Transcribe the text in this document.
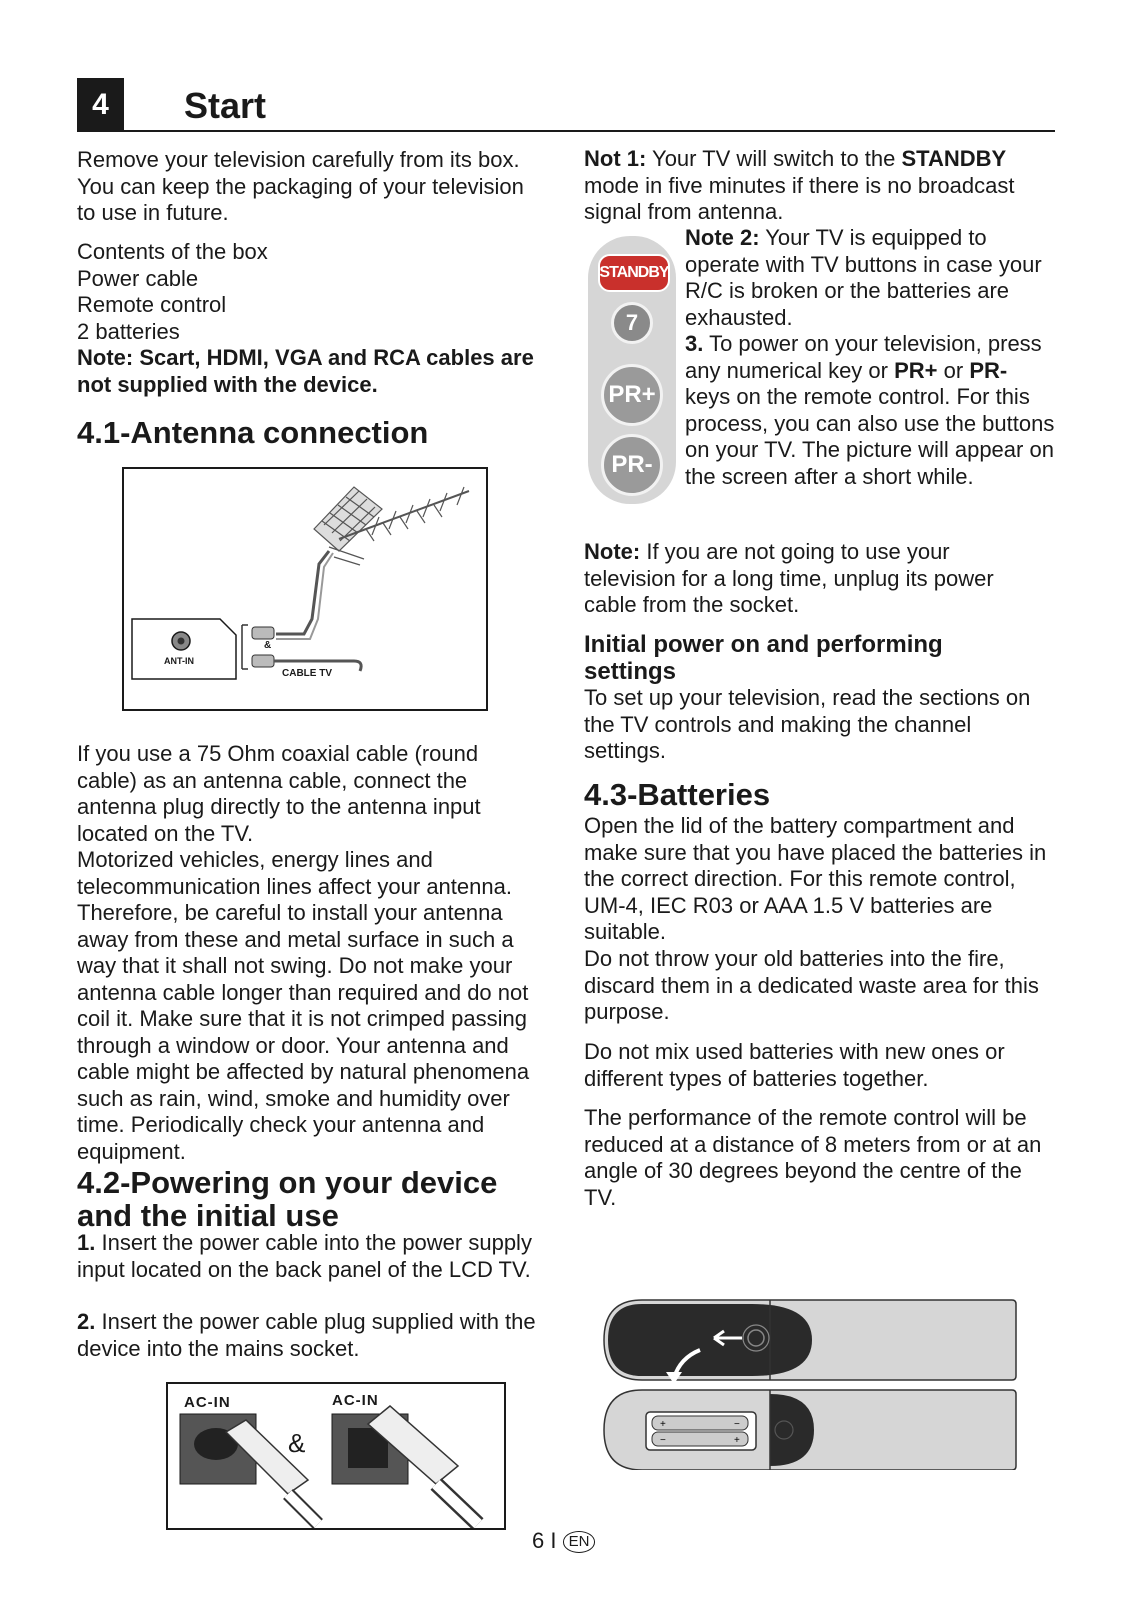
4	Start

Remove your television carefully from its box. You can keep the packaging of your television to use in future.

Contents of the box
Power cable
Remote control
2 batteries
Note: Scart, HDMI, VGA and RCA cables are not supplied with the device.
4.1-Antenna connection
ANT-IN
&
CABLE TV

If you use a 75 Ohm coaxial cable (round cable) as an antenna cable, connect the antenna plug directly to the antenna input located on the TV.

Motorized vehicles, energy lines and telecommunication lines affect your antenna. Therefore, be careful to install your antenna away from these and metal surface in such a way that it shall not swing. Do not make your antenna cable longer than required and do not coil it. Make sure that it is not crimped passing through a window or door. Your antenna and cable might be affected by natural phenomena such as rain, wind, smoke and humidity over time. Periodically check your antenna and equipment.

4.2-Powering on your device and the initial use

1. Insert the power cable into the power supply input located on the back panel of the LCD TV.

2. Insert the power cable plug supplied with the device into the mains socket.

AC-IN	AC-IN
&

Not 1: Your TV will switch to the STANDBY mode in five minutes if there is no broadcast signal from antenna.

STANDBY
7
PR+
PR-

Note 2: Your TV is equipped to operate with TV buttons in case your R/C is broken or the batteries are exhausted.

3. To power on your television, press any numerical key or PR+ or PR- keys on the remote control. For this process, you can also use the buttons on your TV. The picture will appear on the screen after a short while.

Note: If you are not going to use your television for a long time, unplug its power cable from the socket.

Initial power on and performing settings

To set up your television, read the sections on the TV controls and making the channel settings.

4.3-Batteries

Open the lid of the battery compartment and make sure that you have placed the batteries in the correct direction. For this remote control, UM-4, IEC R03 or AAA 1.5 V batteries are suitable.

Do not throw your old batteries into the fire, discard them in a dedicated waste area for this purpose.

Do not mix used batteries with new ones or different types of batteries together.

The performance of the remote control will be reduced at a distance of 8 meters from or at an angle of 30 degrees beyond the centre of the TV.

+	−
−	+
6 I EN
